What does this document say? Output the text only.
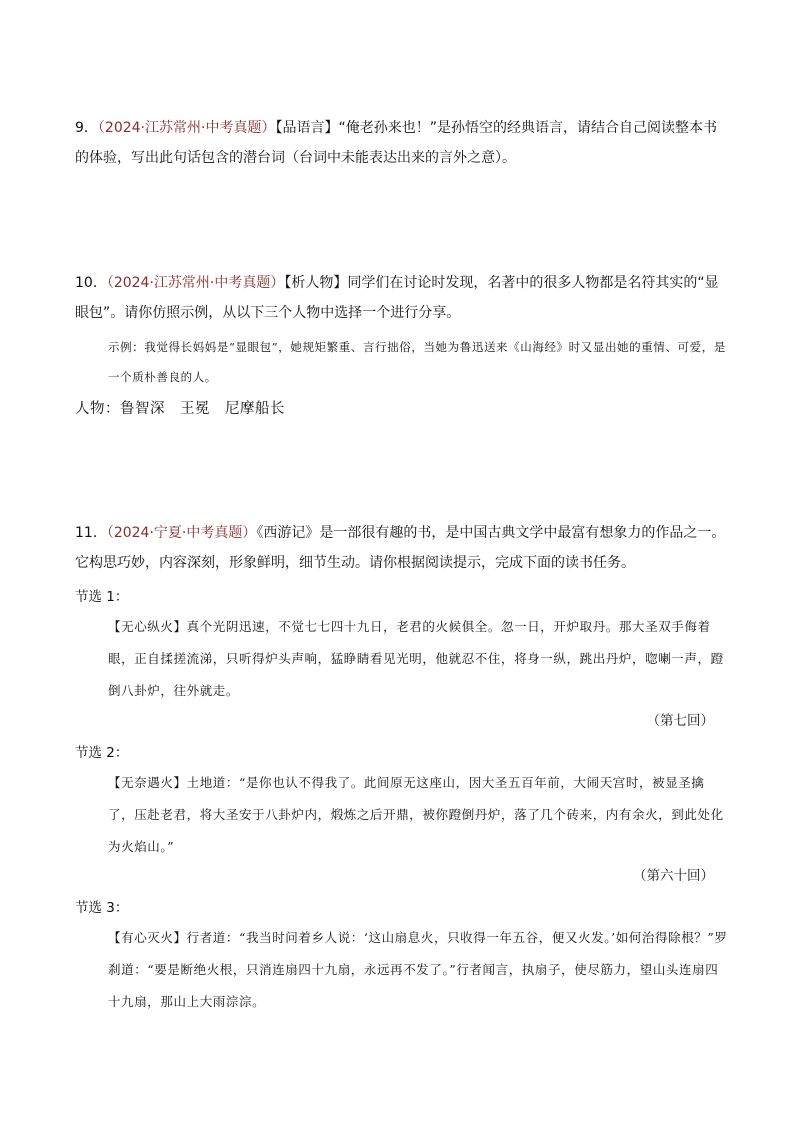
9．（2024·江苏常州·中考真题）【品语言】“俺老孙来也！”是孙悟空的经典语言，请结合自己阅读整本书的体验，写出此句话包含的潜台词（台词中未能表达出来的言外之意）。
10．（2024·江苏常州·中考真题）【析人物】同学们在讨论时发现，名著中的很多人物都是名符其实的“显眼包”。请你仿照示例，从以下三个人物中选择一个进行分享。
示例：我觉得长妈妈是“显眼包”，她规矩繁重、言行拙俗，当她为鲁迅送来《山海经》时又显出她的重情、可爱，是一个质朴善良的人。
人物：鲁智深　王冕　尼摩船长
11．（2024·宁夏·中考真题）《西游记》是一部很有趣的书，是中国古典文学中最富有想象力的作品之一。它构思巧妙，内容深刻，形象鲜明，细节生动。请你根据阅读提示，完成下面的读书任务。
节选 1：
【无心纵火】真个光阴迅速，不觉七七四十九日，老君的火候俱全。忽一日，开炉取丹。那大圣双手侮着眼，正自揉搓流涕，只听得炉头声响，猛睁睛看见光明，他就忍不住，将身一纵，跳出丹炉，唿喇一声，蹬倒八卦炉，往外就走。
（第七回）
节选 2：
【无奈遇火】土地道：“是你也认不得我了。此间原无这座山，因大圣五百年前，大闹天宫时，被显圣擒了，压赴老君，将大圣安于八卦炉内，煅炼之后开鼎，被你蹬倒丹炉，落了几个砖来，内有余火，到此处化为火焰山。”
（第六十回）
节选 3：
【有心灭火】行者道：“我当时问着乡人说：‘这山扇息火，只收得一年五谷，便又火发。’如何治得除根？”罗刹道：“要是断绝火根，只消连扇四十九扇，永远再不发了。”行者闻言，执扇子，使尽筋力，望山头连扇四十九扇，那山上大雨淙淙。
